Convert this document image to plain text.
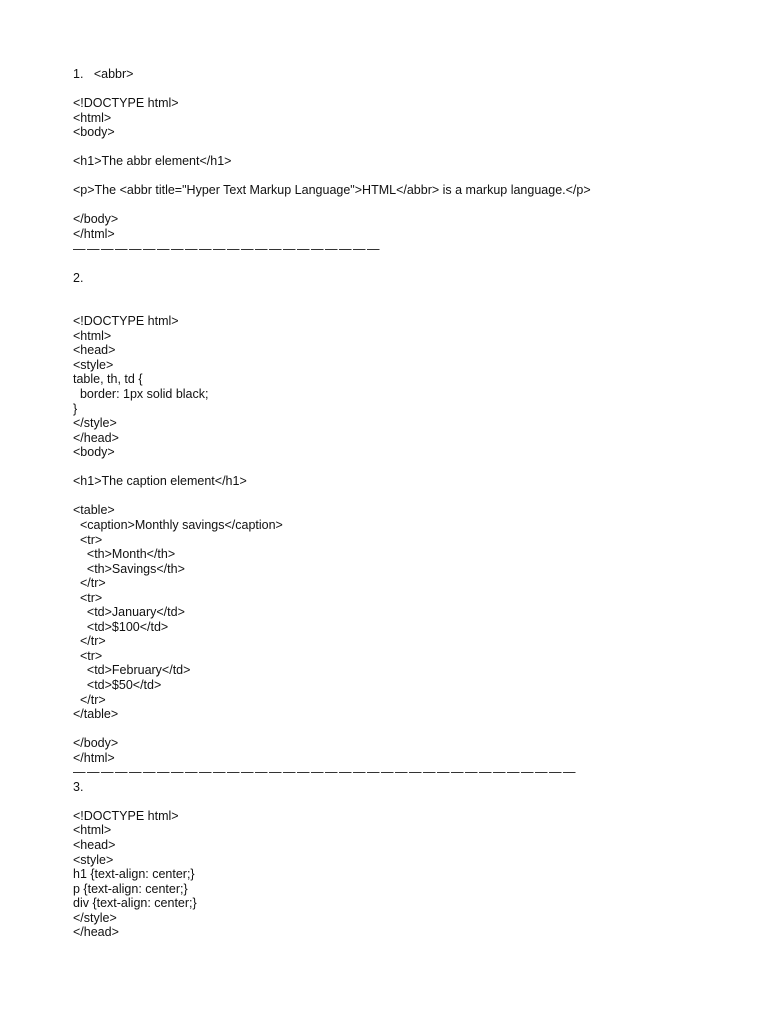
1.   <abbr>
<!DOCTYPE html>
<html>
<body>
<h1>The abbr element</h1>
<p>The <abbr title="Hyper Text Markup Language">HTML</abbr> is a markup language.</p>
</body>
</html>
——————————————————————
2.
<!DOCTYPE html>
<html>
<head>
<style>
table, th, td {
border: 1px solid black;
}
</style>
</head>
<body>
<h1>The caption element</h1>
<table>
<caption>Monthly savings</caption>
<tr>
<th>Month</th>
<th>Savings</th>
</tr>
<tr>
<td>January</td>
<td>$100</td>
</tr>
<tr>
<td>February</td>
<td>$50</td>
</tr>
</table>
</body>
</html>
————————————————————————————————————
3.
<!DOCTYPE html>
<html>
<head>
<style>
h1 {text-align: center;}
p {text-align: center;}
div {text-align: center;}
</style>
</head>
